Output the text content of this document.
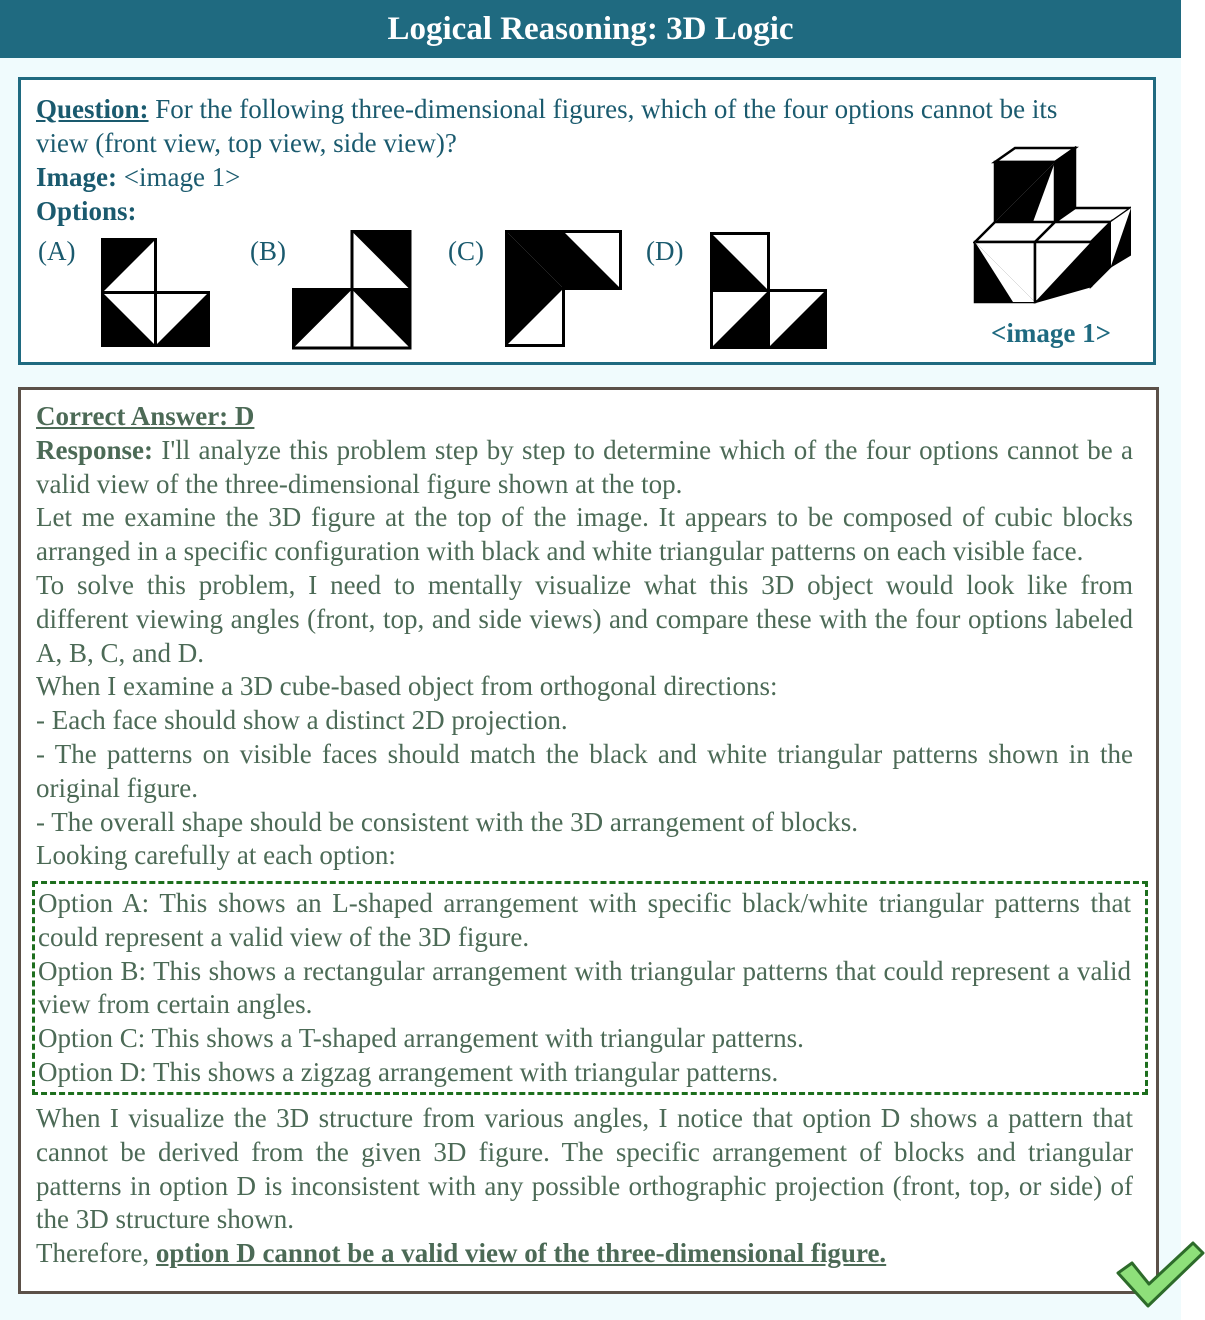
Logical Reasoning: 3D Logic
Question: For the following three-dimensional figures, which of the four options cannot be its view (front view, top view, side view)?
Image: <image 1>
Options:
(A)	(B)	(C)	(D)
<image 1>

Correct Answer: D

Response: I'll analyze this problem step by step to determine which of the four options cannot be a valid view of the three-dimensional figure shown at the top.

Let me examine the 3D figure at the top of the image. It appears to be composed of cubic blocks arranged in a specific configuration with black and white triangular patterns on each visible face.

To solve this problem, I need to mentally visualize what this 3D object would look like from different viewing angles (front, top, and side views) and compare these with the four options labeled A, B, C, and D.

When I examine a 3D cube-based object from orthogonal directions:

- Each face should show a distinct 2D projection.

- The patterns on visible faces should match the black and white triangular patterns shown in the original figure.

- The overall shape should be consistent with the 3D arrangement of blocks.

Looking carefully at each option:

Option A: This shows an L-shaped arrangement with specific black/white triangular patterns that could represent a valid view of the 3D figure.

Option B: This shows a rectangular arrangement with triangular patterns that could represent a valid view from certain angles.

Option C: This shows a T-shaped arrangement with triangular patterns.

Option D: This shows a zigzag arrangement with triangular patterns.

When I visualize the 3D structure from various angles, I notice that option D shows a pattern that cannot be derived from the given 3D figure. The specific arrangement of blocks and triangular patterns in option D is inconsistent with any possible orthographic projection (front, top, or side) of the 3D structure shown.

Therefore, option D cannot be a valid view of the three-dimensional figure.
